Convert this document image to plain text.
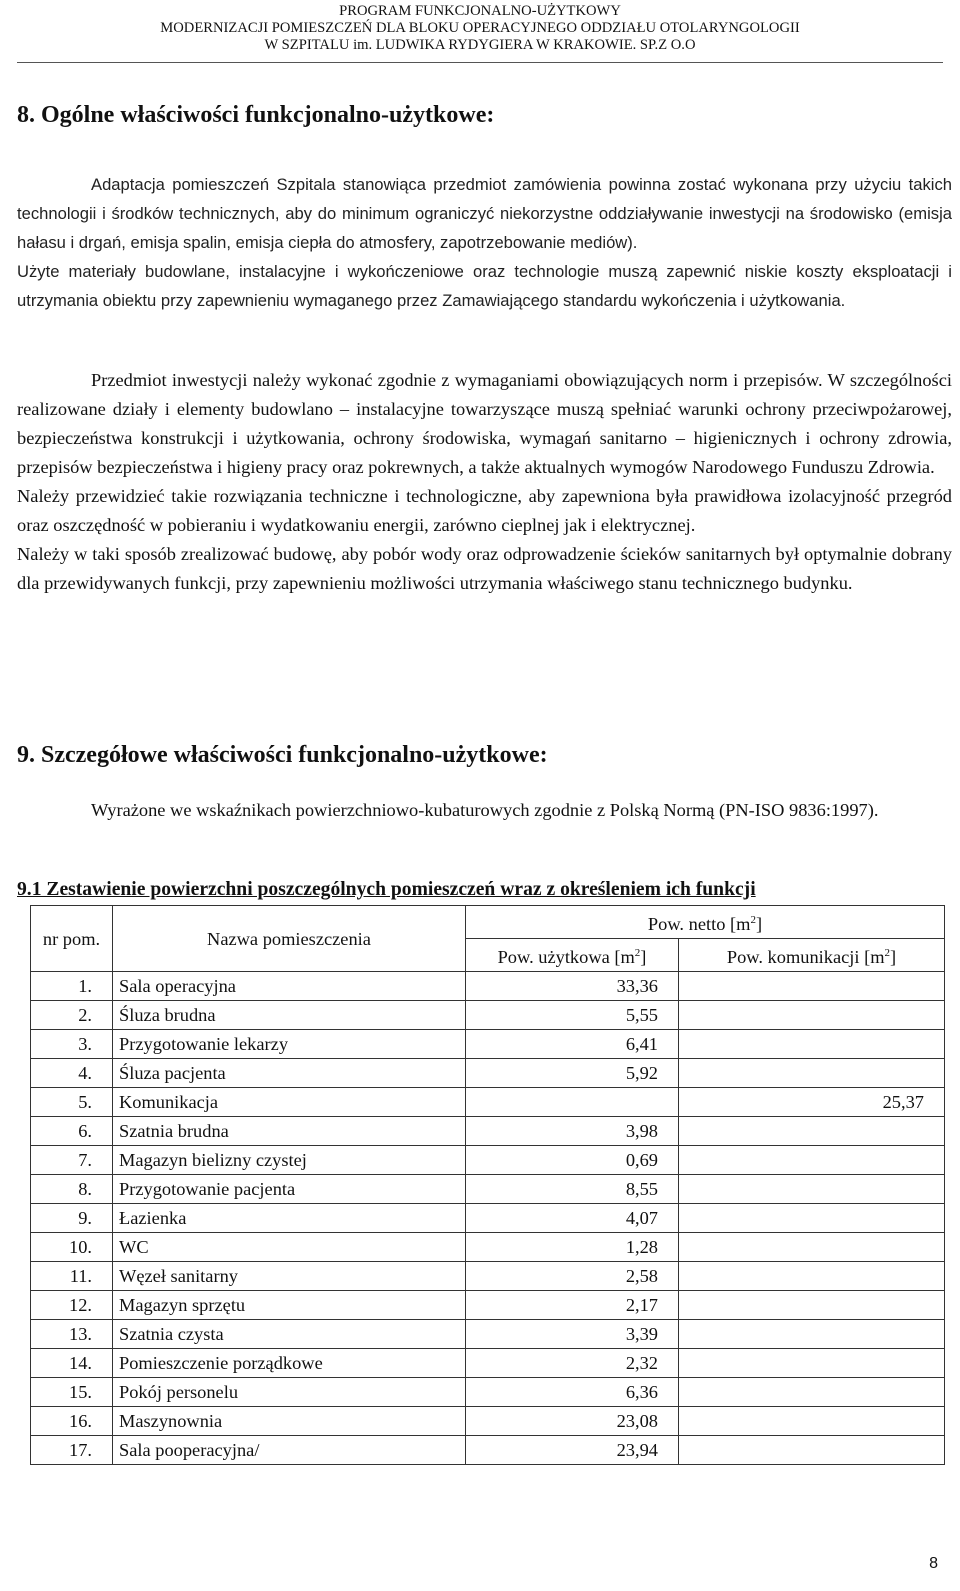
PROGRAM FUNKCJONALNO-UŻYTKOWY
MODERNIZACJI POMIESZCZEŃ DLA BLOKU OPERACYJNEGO ODDZIAŁU OTOLARYNGOLOGII
W SZPITALU im. LUDWIKA RYDYGIERA W KRAKOWIE. SP.Z O.O
8. Ogólne właściwości funkcjonalno-użytkowe:

Adaptacja pomieszczeń Szpitala stanowiąca przedmiot zamówienia powinna zostać wykonana przy użyciu takich technologii i środków technicznych, aby do minimum ograniczyć niekorzystne oddziaływanie inwestycji na środowisko (emisja hałasu i drgań, emisja spalin, emisja ciepła do atmosfery, zapotrzebowanie mediów).

Użyte materiały budowlane, instalacyjne i wykończeniowe oraz technologie muszą zapewnić niskie koszty eksploatacji i utrzymania obiektu przy zapewnieniu wymaganego przez Zamawiającego standardu wykończenia i użytkowania.

Przedmiot inwestycji należy wykonać zgodnie z wymaganiami obowiązujących norm i przepisów. W szczególności realizowane działy i elementy budowlano – instalacyjne towarzyszące muszą spełniać warunki ochrony przeciwpożarowej, bezpieczeństwa konstrukcji i użytkowania, ochrony środowiska, wymagań sanitarno – higienicznych i ochrony zdrowia, przepisów bezpieczeństwa i higieny pracy oraz pokrewnych, a także aktualnych wymogów Narodowego Funduszu Zdrowia.

Należy przewidzieć takie rozwiązania techniczne i technologiczne, aby zapewniona była prawidłowa izolacyjność przegród oraz oszczędność w pobieraniu i wydatkowaniu energii, zarówno cieplnej jak i elektrycznej.

Należy w taki sposób zrealizować budowę, aby pobór wody oraz odprowadzenie ścieków sanitarnych był optymalnie dobrany dla przewidywanych funkcji, przy zapewnieniu możliwości utrzymania właściwego stanu technicznego budynku.

9. Szczegółowe właściwości funkcjonalno-użytkowe:

Wyrażone we wskaźnikach powierzchniowo-kubaturowych zgodnie z Polską Normą (PN-ISO 9836:1997).

9.1 Zestawienie powierzchni poszczególnych pomieszczeń wraz z określeniem ich funkcji
nr pom.	Nazwa pomieszczenia	Pow. netto $[m^2]$	
		Pow. użytkowa $[m^2]$	Pow. komunikacji $[m^2]$
1.	Sala operacyjna	33,36	
2.	Śluza brudna	5,55	
3.	Przygotowanie lekarzy	6,41	
4.	Śluza pacjenta	5,92	
5.	Komunikacja		25,37
6.	Szatnia brudna	3,98	
7.	Magazyn bielizny czystej	0,69	
8.	Przygotowanie pacjenta	8,55	
9.	Łazienka	4,07	
10.	WC	1,28	
11.	Węzeł sanitarny	2,58	
12.	Magazyn sprzętu	2,17	
13.	Szatnia czysta	3,39	
14.	Pomieszczenie porządkowe	2,32	
15.	Pokój personelu	6,36	
16.	Maszynownia	23,08	
17.	Sala pooperacyjna/	23,94	
8
